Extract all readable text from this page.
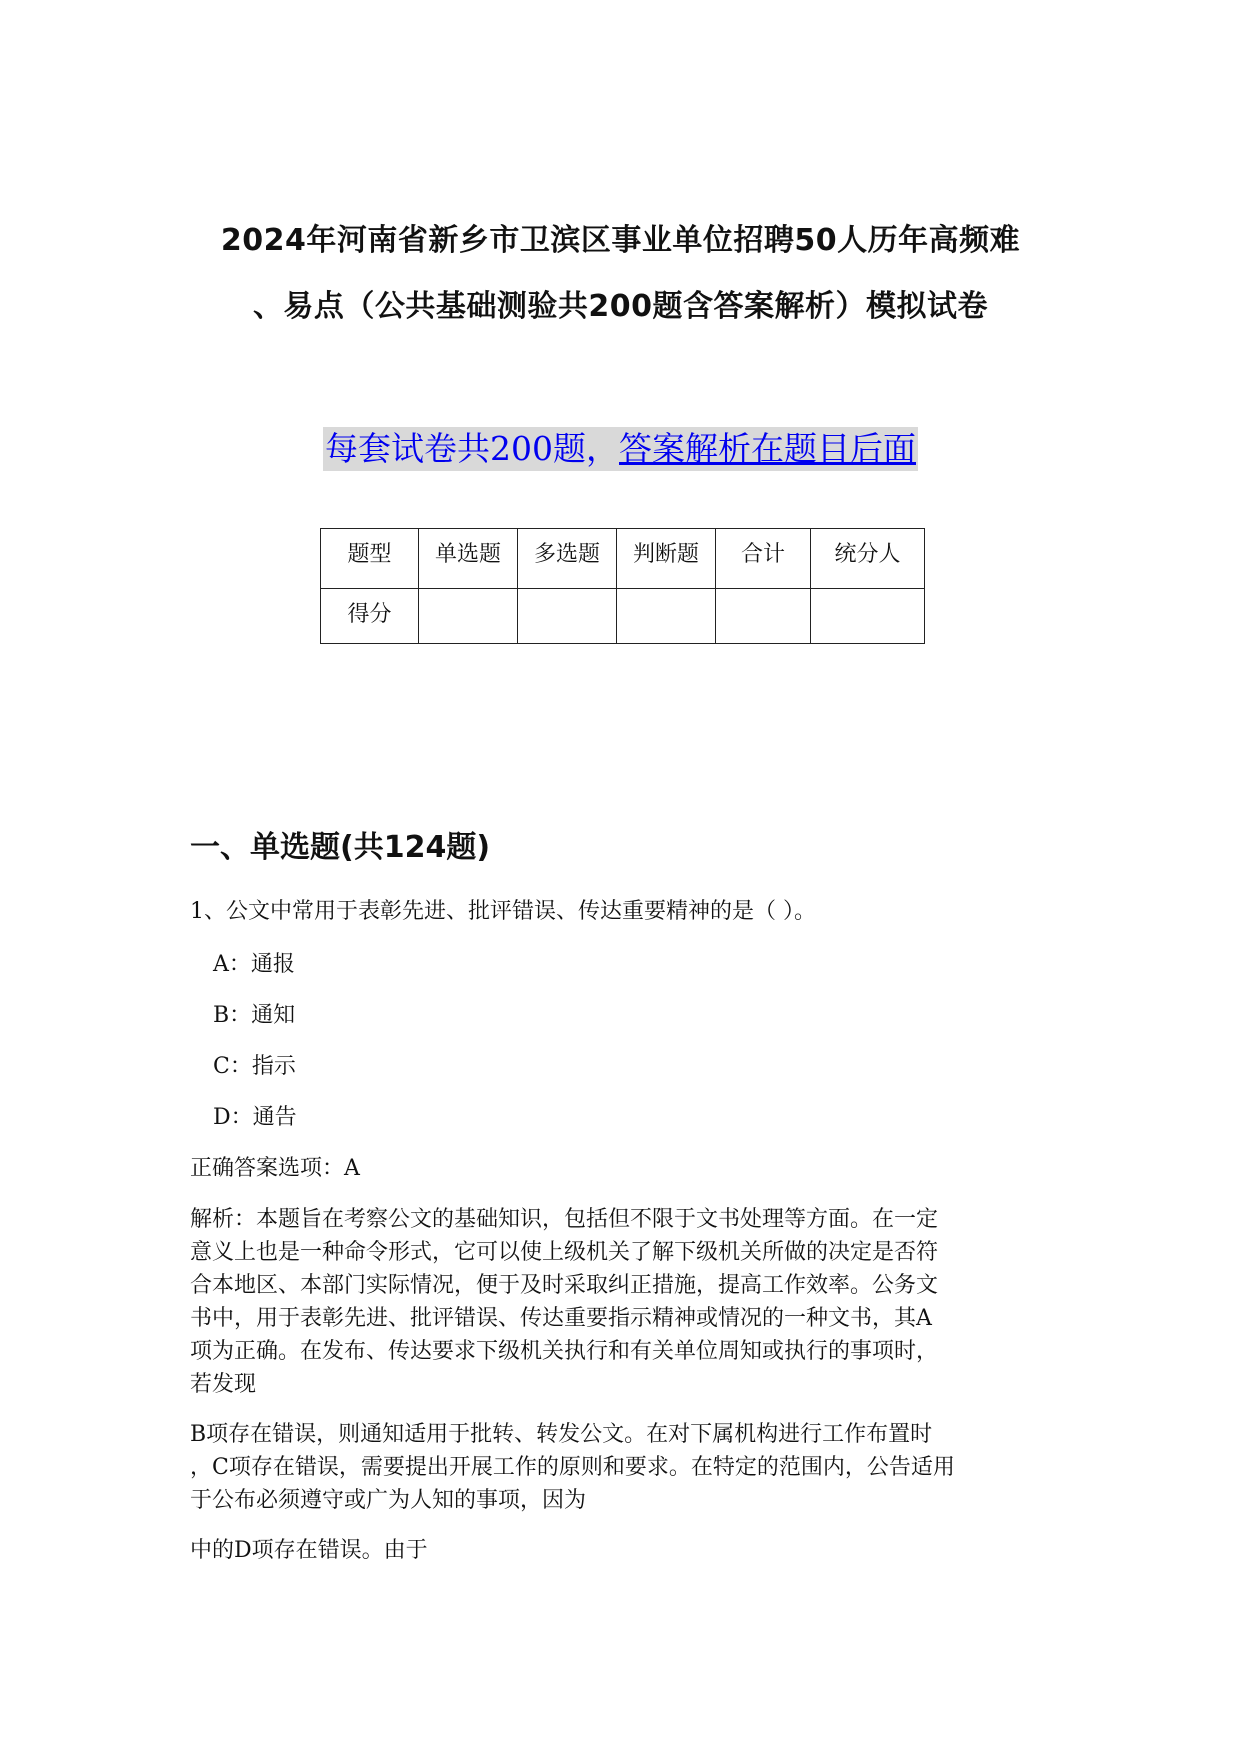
2024年河南省新乡市卫滨区事业单位招聘50人历年高频难
、易点（公共基础测验共200题含答案解析）模拟试卷
每套试卷共200题，答案解析在题目后面
题型	单选题	多选题	判断题	合计	统分人
得分					
一、单选题(共124题)
1、公文中常用于表彰先进、批评错误、传达重要精神的是（ ）。
A：通报
B：通知
C：指示
D：通告
正确答案选项：A
解析：本题旨在考察公文的基础知识，包括但不限于文书处理等方面。在一定
意义上也是一种命令形式，它可以使上级机关了解下级机关所做的决定是否符
合本地区、本部门实际情况，便于及时采取纠正措施，提高工作效率。公务文
书中，用于表彰先进、批评错误、传达重要指示精神或情况的一种文书，其A
项为正确。在发布、传达要求下级机关执行和有关单位周知或执行的事项时，
若发现
B项存在错误，则通知适用于批转、转发公文。在对下属机构进行工作布置时
，C项存在错误，需要提出开展工作的原则和要求。在特定的范围内，公告适用
于公布必须遵守或广为人知的事项，因为
中的D项存在错误。由于
